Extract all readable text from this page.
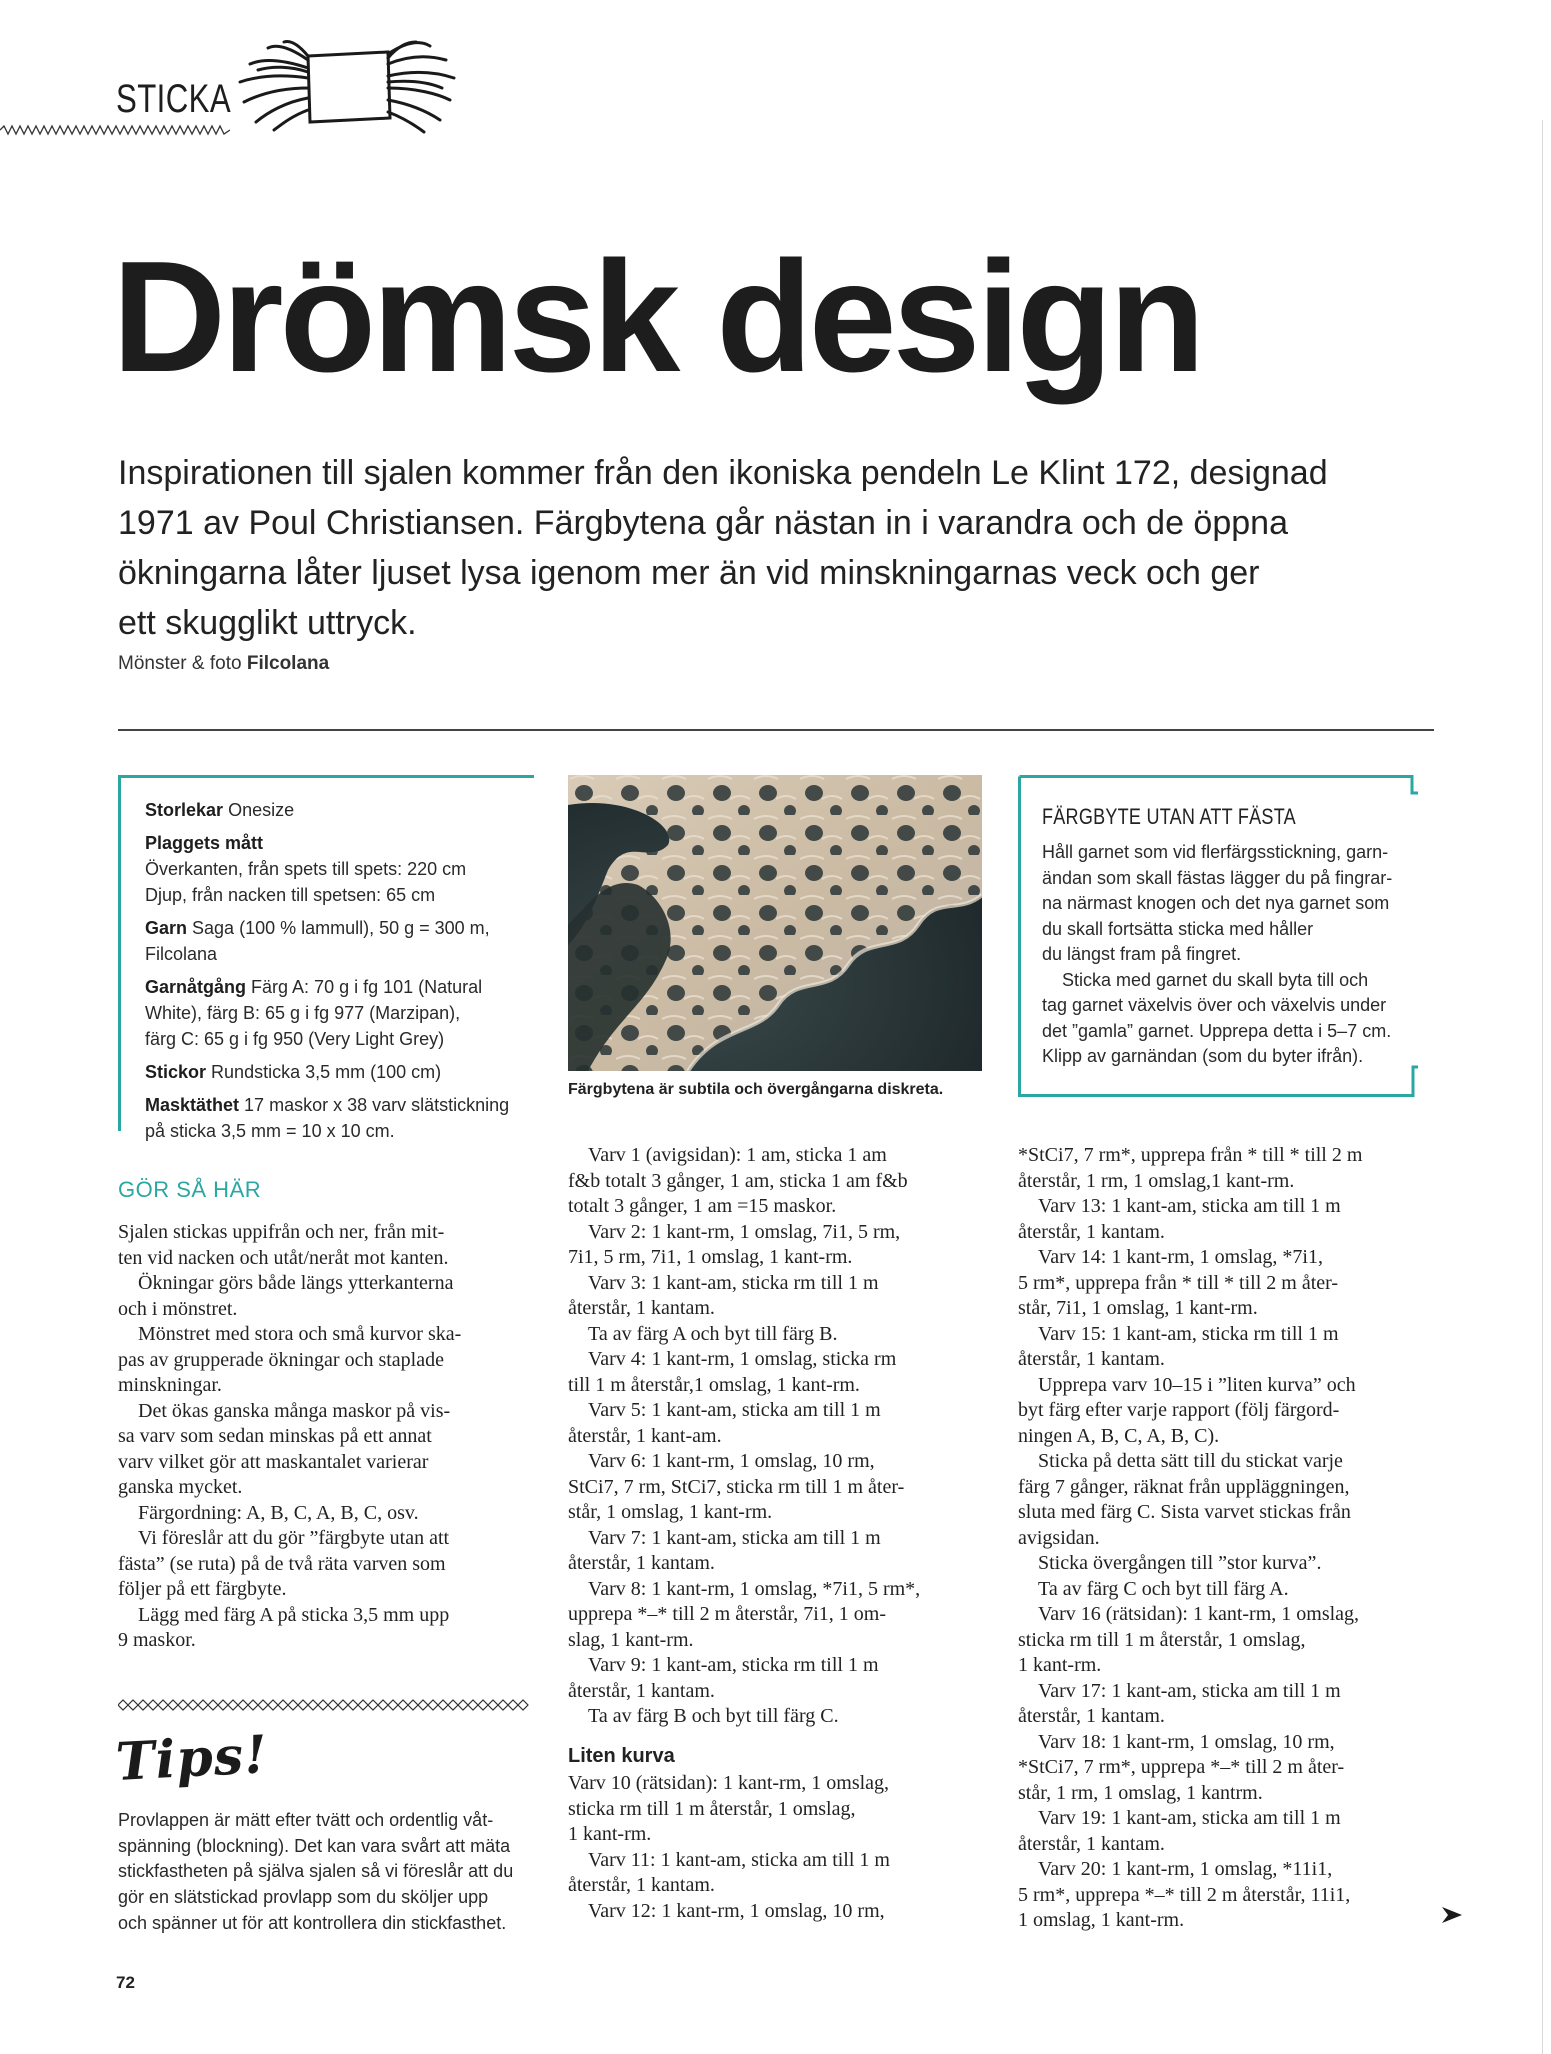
STICKA
Drömsk design
Inspirationen till sjalen kommer från den ikoniska pendeln Le Klint 172, designad
1971 av Poul Christiansen. Färgbytena går nästan in i varandra och de öppna
ökningarna låter ljuset lysa igenom mer än vid minskningarnas veck och ger
ett skugglikt uttryck.
Mönster & foto Filcolana
Storlekar Onesize
Plaggets mått
Överkanten, från spets till spets: 220 cm
Djup, från nacken till spetsen: 65 cm
Garn Saga (100 % lammull), 50 g = 300 m,
Filcolana
Garnåtgång Färg A: 70 g i fg 101 (Natural
White), färg B: 65 g i fg 977 (Marzipan),
färg C: 65 g i fg 950 (Very Light Grey)
Stickor Rundsticka 3,5 mm (100 cm)
Masktäthet 17 maskor x 38 varv slätstickning
på sticka 3,5 mm = 10 x 10 cm.
GÖR SÅ HÄR
Sjalen stickas uppifrån och ner, från mit-
ten vid nacken och utåt/neråt mot kanten.
Ökningar görs både längs ytterkanterna
och i mönstret.
Mönstret med stora och små kurvor ska-
pas av grupperade ökningar och staplade
minskningar.
Det ökas ganska många maskor på vis-
sa varv som sedan minskas på ett annat
varv vilket gör att maskantalet varierar
ganska mycket.
Färgordning: A, B, C, A, B, C, osv.
Vi föreslår att du gör ”färgbyte utan att
fästa” (se ruta) på de två räta varven som
följer på ett färgbyte.
Lägg med färg A på sticka 3,5 mm upp
9 maskor.
Färgbytena är subtila och övergångarna diskreta.
Varv 1 (avigsidan): 1 am, sticka 1 am
f&b totalt 3 gånger, 1 am, sticka 1 am f&b
totalt 3 gånger, 1 am =15 maskor.
Varv 2: 1 kant-rm, 1 omslag, 7i1, 5 rm,
7i1, 5 rm, 7i1, 1 omslag, 1 kant-rm.
Varv 3: 1 kant-am, sticka rm till 1 m
återstår, 1 kantam.
Ta av färg A och byt till färg B.
Varv 4: 1 kant-rm, 1 omslag, sticka rm
till 1 m återstår,1 omslag, 1 kant-rm.
Varv 5: 1 kant-am, sticka am till 1 m
återstår, 1 kant-am.
Varv 6: 1 kant-rm, 1 omslag, 10 rm,
StCi7, 7 rm, StCi7, sticka rm till 1 m åter-
står, 1 omslag, 1 kant-rm.
Varv 7: 1 kant-am, sticka am till 1 m
återstår, 1 kantam.
Varv 8: 1 kant-rm, 1 omslag, *7i1, 5 rm*,
upprepa *–* till 2 m återstår, 7i1, 1 om-
slag, 1 kant-rm.
Varv 9: 1 kant-am, sticka rm till 1 m
återstår, 1 kantam.
Ta av färg B och byt till färg C.
Liten kurva
Varv 10 (rätsidan): 1 kant-rm, 1 omslag,
sticka rm till 1 m återstår, 1 omslag,
1 kant-rm.
Varv 11: 1 kant-am, sticka am till 1 m
återstår, 1 kantam.
Varv 12: 1 kant-rm, 1 omslag, 10 rm,
FÄRGBYTE UTAN ATT FÄSTA
Håll garnet som vid flerfärgsstickning, garn-
ändan som skall fästas lägger du på fingrar-
na närmast knogen och det nya garnet som
du skall fortsätta sticka med håller
du längst fram på fingret.
Sticka med garnet du skall byta till och
tag garnet växelvis över och växelvis under
det ”gamla” garnet. Upprepa detta i 5–7 cm.
Klipp av garnändan (som du byter ifrån).
*StCi7, 7 rm*, upprepa från * till * till 2 m
återstår, 1 rm, 1 omslag,1 kant-rm.
Varv 13: 1 kant-am, sticka am till 1 m
återstår, 1 kantam.
Varv 14: 1 kant-rm, 1 omslag, *7i1,
5 rm*, upprepa från * till * till 2 m åter-
står, 7i1, 1 omslag, 1 kant-rm.
Varv 15: 1 kant-am, sticka rm till 1 m
återstår, 1 kantam.
Upprepa varv 10–15 i ”liten kurva” och
byt färg efter varje rapport (följ färgord-
ningen A, B, C, A, B, C).
Sticka på detta sätt till du stickat varje
färg 7 gånger, räknat från uppläggningen,
sluta med färg C. Sista varvet stickas från
avigsidan.
Sticka övergången till ”stor kurva”.
Ta av färg C och byt till färg A.
Varv 16 (rätsidan): 1 kant-rm, 1 omslag,
sticka rm till 1 m återstår, 1 omslag,
1 kant-rm.
Varv 17: 1 kant-am, sticka am till 1 m
återstår, 1 kantam.
Varv 18: 1 kant-rm, 1 omslag, 10 rm,
*StCi7, 7 rm*, upprepa *–* till 2 m åter-
står, 1 rm, 1 omslag, 1 kantrm.
Varv 19: 1 kant-am, sticka am till 1 m
återstår, 1 kantam.
Varv 20: 1 kant-rm, 1 omslag, *11i1,
5 rm*, upprepa *–* till 2 m återstår, 11i1,
1 omslag, 1 kant-rm.
Tips!
Provlappen är mätt efter tvätt och ordentlig våt-
spänning (blockning). Det kan vara svårt att mäta
stickfastheten på själva sjalen så vi föreslår att du
gör en slätstickad provlapp som du sköljer upp
och spänner ut för att kontrollera din stickfasthet.
72
